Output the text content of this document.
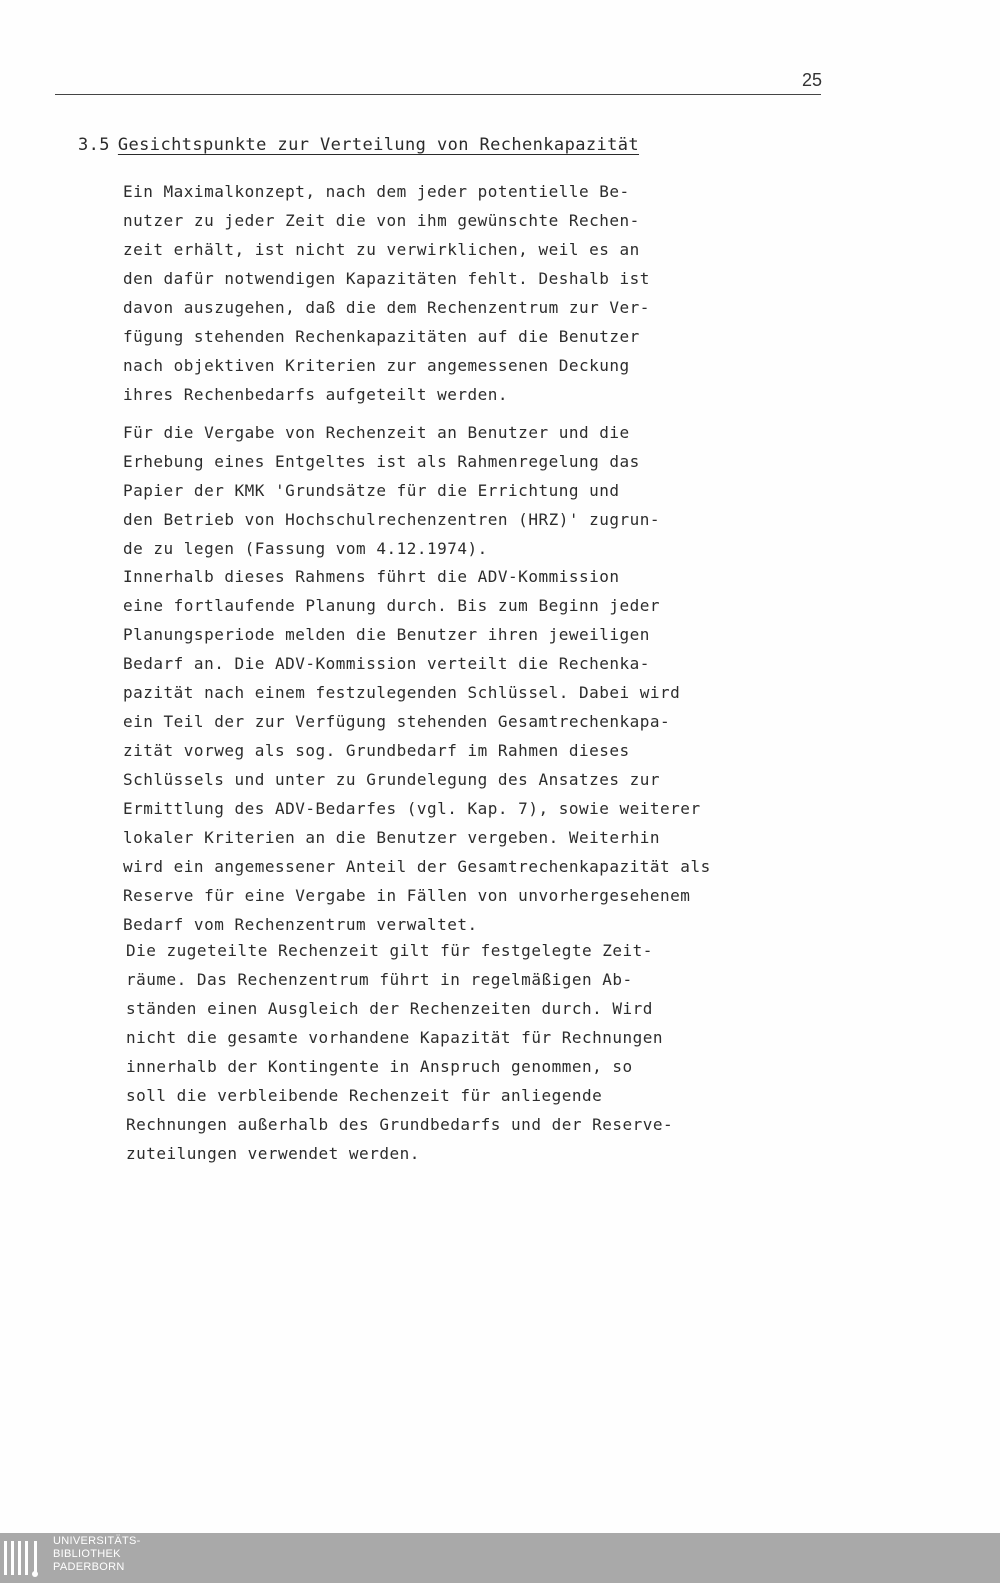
25
3.5 Gesichtspunkte zur Verteilung von Rechenkapazität
Ein Maximalkonzept, nach dem jeder potentielle Be-
nutzer zu jeder Zeit die von ihm gewünschte Rechen-
zeit erhält, ist nicht zu verwirklichen, weil es an
den dafür notwendigen Kapazitäten fehlt. Deshalb ist
davon auszugehen, daß die dem Rechenzentrum zur Ver-
fügung stehenden Rechenkapazitäten auf die Benutzer
nach objektiven Kriterien zur angemessenen Deckung
ihres Rechenbedarfs aufgeteilt werden.
Für die Vergabe von Rechenzeit an Benutzer und die
Erhebung eines Entgeltes ist als Rahmenregelung das
Papier der KMK 'Grundsätze für die Errichtung und
den Betrieb von Hochschulrechenzentren (HRZ)' zugrun-
de zu legen (Fassung vom 4.12.1974).
Innerhalb dieses Rahmens führt die ADV-Kommission
eine fortlaufende Planung durch. Bis zum Beginn jeder
Planungsperiode melden die Benutzer ihren jeweiligen
Bedarf an. Die ADV-Kommission verteilt die Rechenka-
pazität nach einem festzulegenden Schlüssel. Dabei wird
ein Teil der zur Verfügung stehenden Gesamtrechenkapa-
zität vorweg als sog. Grundbedarf im Rahmen dieses
Schlüssels und unter zu Grundelegung des Ansatzes zur
Ermittlung des ADV-Bedarfes (vgl. Kap. 7), sowie weiterer
lokaler Kriterien an die Benutzer vergeben. Weiterhin
wird ein angemessener Anteil der Gesamtrechenkapazität als
Reserve für eine Vergabe in Fällen von unvorhergesehenem
Bedarf vom Rechenzentrum verwaltet.
Die zugeteilte Rechenzeit gilt für festgelegte Zeit-
räume. Das Rechenzentrum führt in regelmäßigen Ab-
ständen einen Ausgleich der Rechenzeiten durch. Wird
nicht die gesamte vorhandene Kapazität für Rechnungen
innerhalb der Kontingente in Anspruch genommen, so
soll die verbleibende Rechenzeit für anliegende
Rechnungen außerhalb des Grundbedarfs und der Reserve-
zuteilungen verwendet werden.
UNIVERSITÄTS-
BIBLIOTHEK
PADERBORN
